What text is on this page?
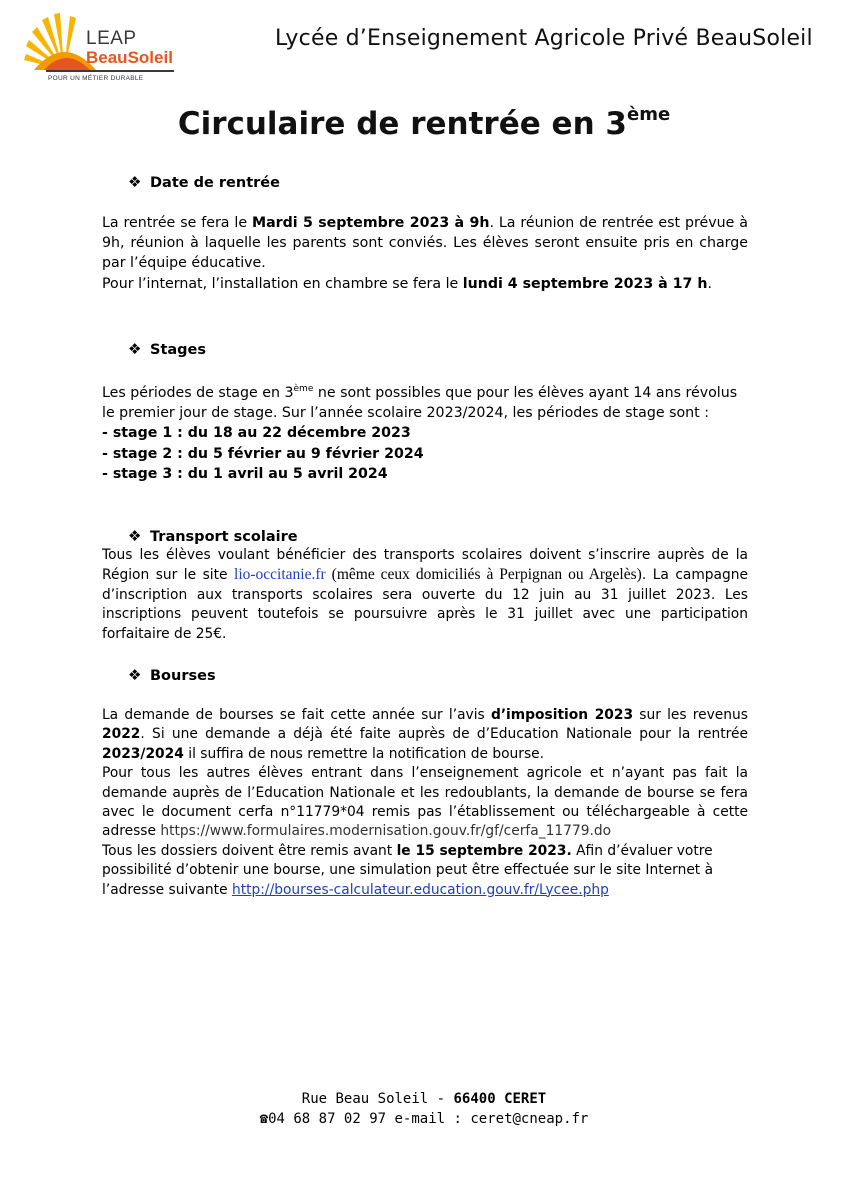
LEAP
BeauSoleil
POUR UN MÉTIER DURABLE
Lycée d’Enseignement Agricole Privé BeauSoleil
Circulaire de rentrée en 3ème
❖ Date de rentrée

La rentrée se fera le Mardi 5 septembre 2023 à 9h. La réunion de rentrée est prévue à 9h, réunion à laquelle les parents sont conviés. Les élèves seront ensuite pris en charge par l’équipe éducative.

Pour l’internat, l’installation en chambre se fera le lundi 4 septembre 2023 à 17 h.

❖ Stages

Les périodes de stage en 3ème ne sont possibles que pour les élèves ayant 14 ans révolus le premier jour de stage. Sur l’année scolaire 2023/2024, les périodes de stage sont :

- stage 1 : du 18 au 22 décembre 2023

- stage 2 : du 5 février au 9 février 2024

- stage 3 : du 1 avril au 5 avril 2024

❖ Transport scolaire

Tous les élèves voulant bénéficier des transports scolaires doivent s’inscrire auprès de la Région sur le site lio-occitanie.fr (même ceux domiciliés à Perpignan ou Argelès). La campagne d’inscription aux transports scolaires sera ouverte du 12 juin au 31 juillet 2023. Les inscriptions peuvent toutefois se poursuivre après le 31 juillet avec une participation forfaitaire de 25€.

❖ Bourses

La demande de bourses se fait cette année sur l’avis d’imposition 2023 sur les revenus 2022. Si une demande a déjà été faite auprès de d’Education Nationale pour la rentrée 2023/2024 il suffira de nous remettre la notification de bourse.

Pour tous les autres élèves entrant dans l’enseignement agricole et n’ayant pas fait la demande auprès de l’Education Nationale et les redoublants, la demande de bourse se fera avec le document cerfa n°11779*04 remis pas l’établissement ou téléchargeable à cette adresse https://www.formulaires.modernisation.gouv.fr/gf/cerfa_11779.do

Tous les dossiers doivent être remis avant le 15 septembre 2023. Afin d’évaluer votre possibilité d’obtenir une bourse, une simulation peut être effectuée sur le site Internet à l’adresse suivante http://bourses-calculateur.education.gouv.fr/Lycee.php

Rue Beau Soleil - 66400 CERET
☎04 68 87 02 97 e-mail : ceret@cneap.fr
